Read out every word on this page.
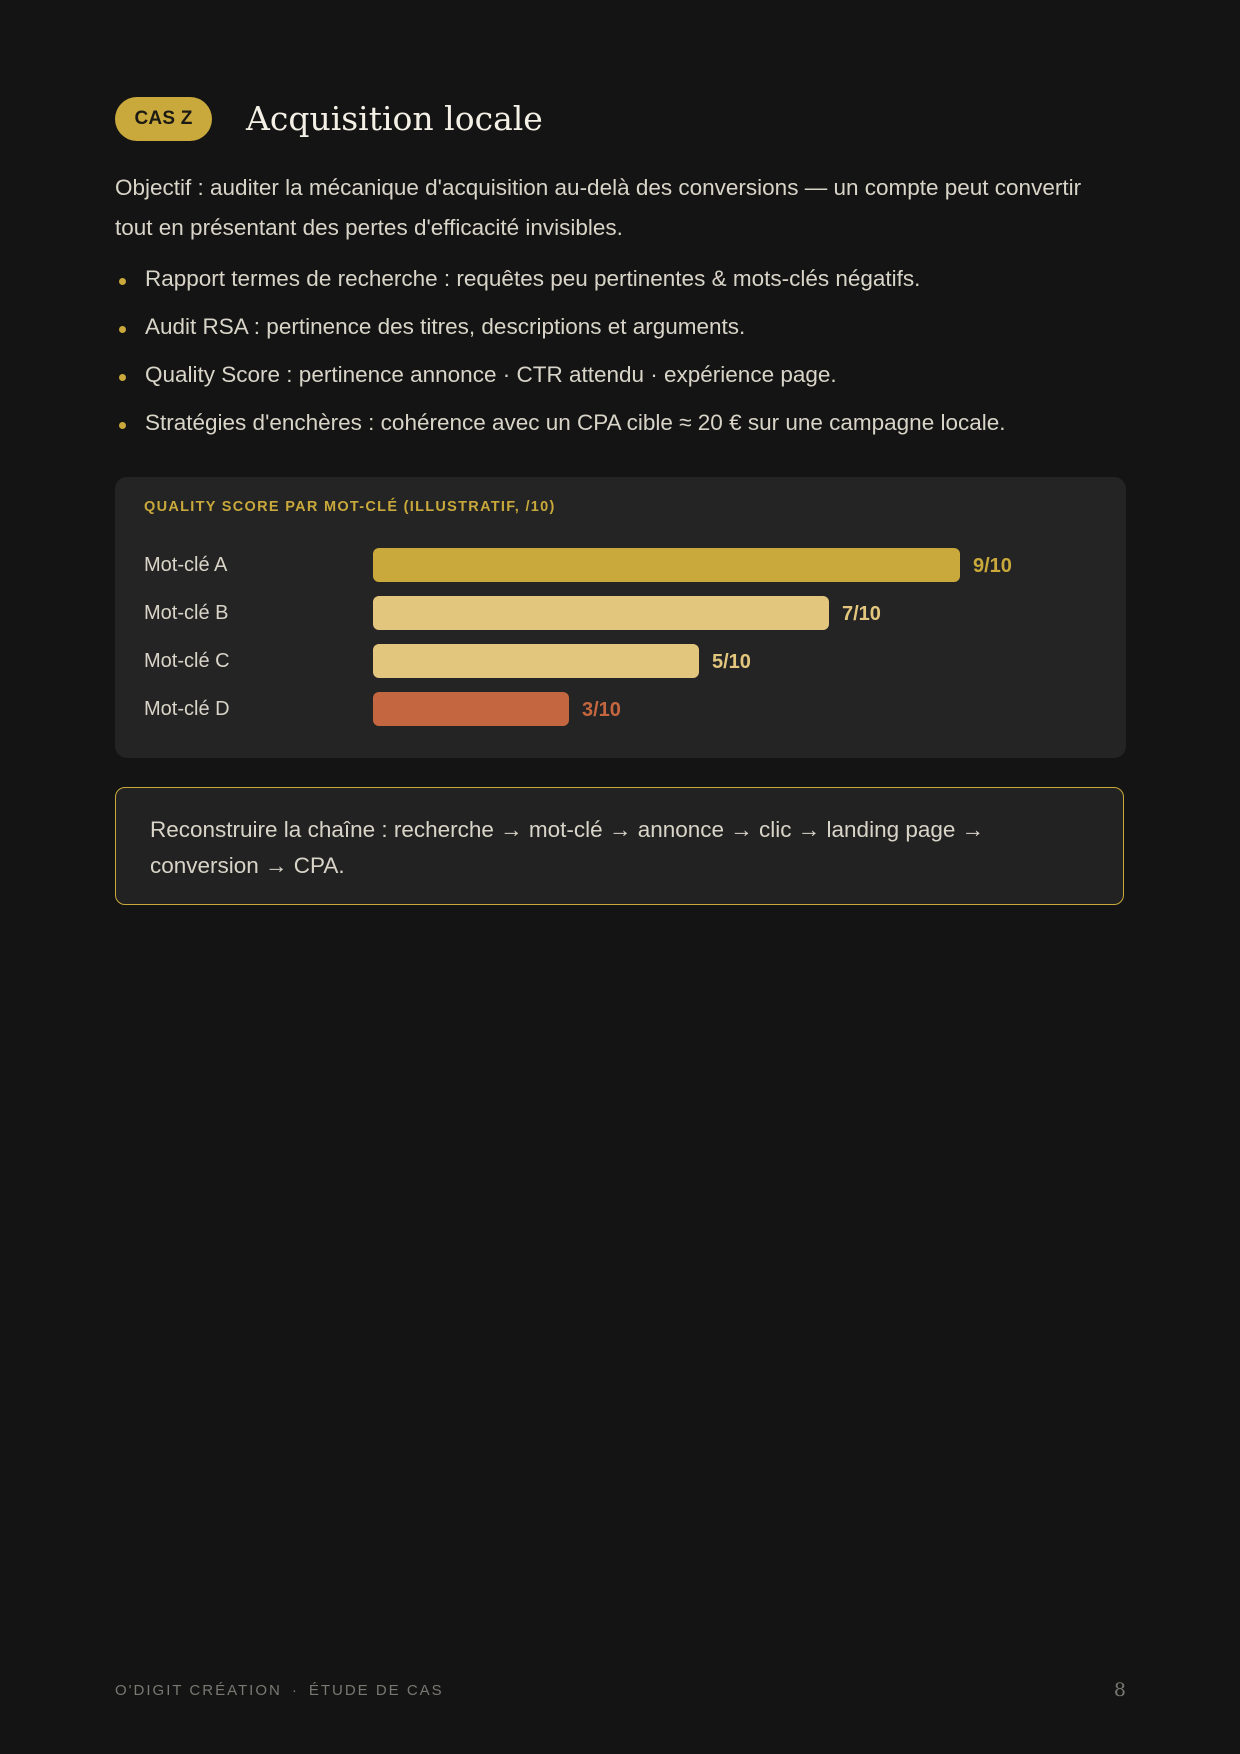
CAS Z	Acquisition locale

Objectif : auditer la mécanique d'acquisition au-delà des conversions — un compte peut convertir tout en présentant des pertes d'efficacité invisibles.

Rapport termes de recherche : requêtes peu pertinentes & mots-clés négatifs.
Audit RSA : pertinence des titres, descriptions et arguments.
Quality Score : pertinence annonce · CTR attendu · expérience page.
Stratégies d'enchères : cohérence avec un CPA cible ≈ 20 € sur une campagne locale.
QUALITY SCORE PAR MOT-CLÉ (ILLUSTRATIF, /10)
Mot-clé A	9/10
Mot-clé B	7/10
Mot-clé C	5/10
Mot-clé D	3/10

Reconstruire la chaîne : recherche → mot-clé → annonce → clic → landing page → conversion → CPA.

O'DIGIT CRÉATION · ÉTUDE DE CAS	8
